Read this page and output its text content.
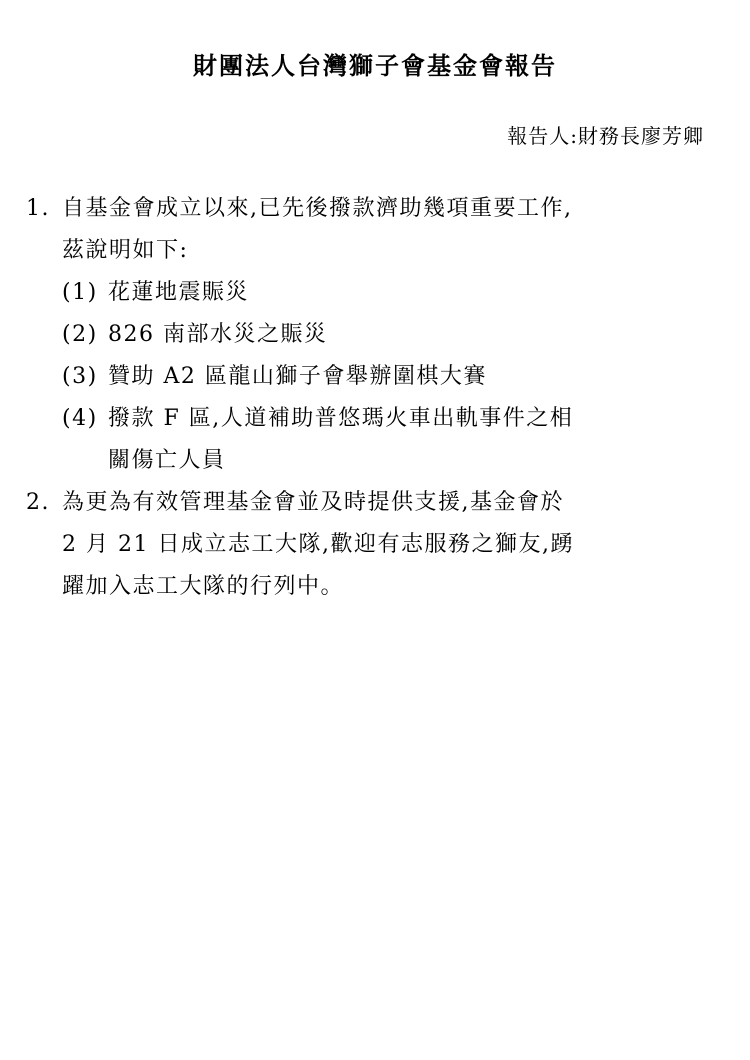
財團法人台灣獅子會基金會報告
報告人:財務長廖芳卿
1. 自基金會成立以來,已先後撥款濟助幾項重要工作,
茲說明如下:
(1) 花蓮地震賑災
(2) 826 南部水災之賑災
(3) 贊助 A2 區龍山獅子會舉辦圍棋大賽
(4) 撥款 F 區,人道補助普悠瑪火車出軌事件之相
關傷亡人員
2. 為更為有效管理基金會並及時提供支援,基金會於
2 月 21 日成立志工大隊,歡迎有志服務之獅友,踴
躍加入志工大隊的行列中。
